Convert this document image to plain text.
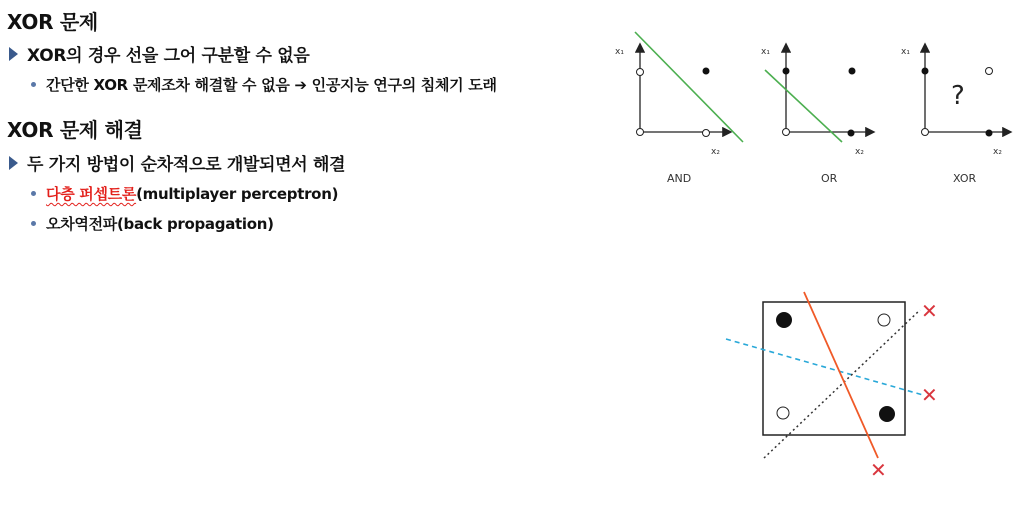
XOR 문제
XOR의 경우 선을 그어 구분할 수 없음
간단한 XOR 문제조차 해결할 수 없음 ➔ 인공지능 연구의 침체기 도래
XOR 문제 해결
두 가지 방법이 순차적으로 개발되면서 해결
다층 퍼셉트론 (multiplayer perceptron)
오차역전파(back propagation)
x₁
x₂
AND
x₁
x₂
OR
x₁
x₂
?
XOR
✕
✕
✕
